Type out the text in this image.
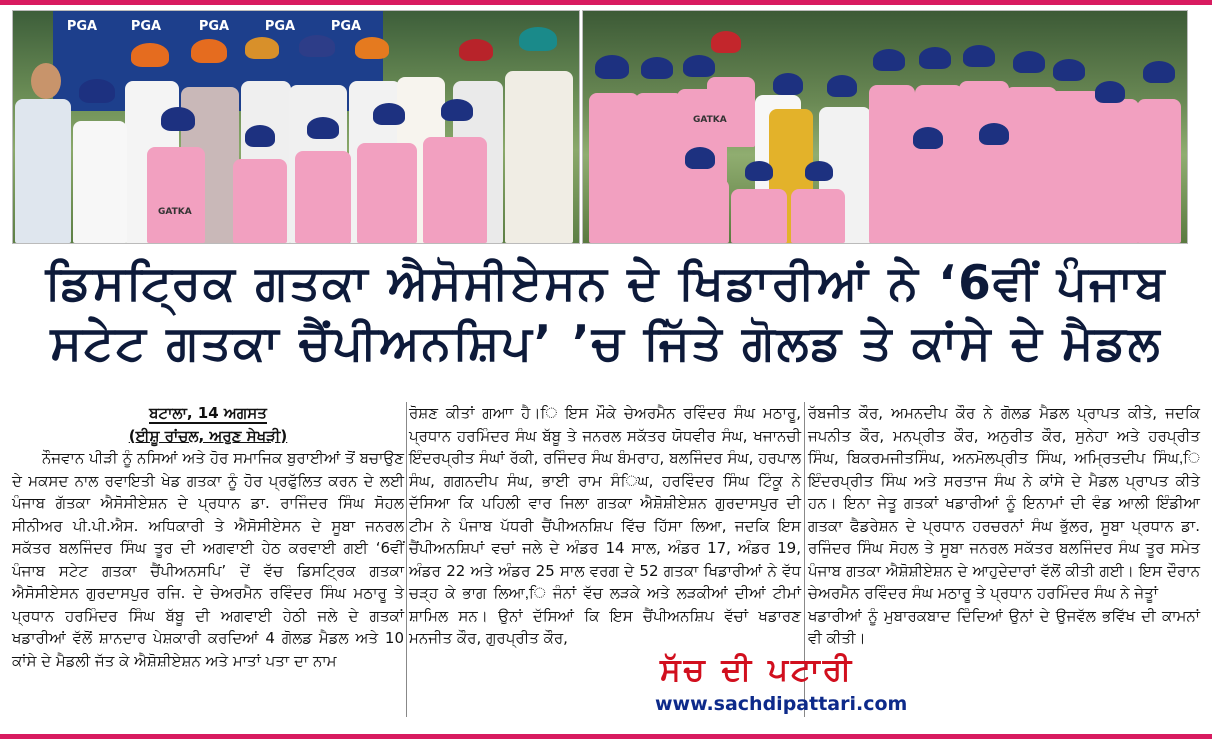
PGA	PGA	PGA	PGA	PGA
GATKA
GATKA
ਡਿਸਟ੍ਰਿਕ ਗਤਕਾ ਐਸੋਸੀਏਸਨ ਦੇ ਖਿਡਾਰੀਆਂ ਨੇ ‘6ਵੀਂ ਪੰਜਾਬ
ਸਟੇਟ ਗਤਕਾ ਚੈਂਪੀਅਨਸ਼ਿਪ’ ’ਚ ਜਿੱਤੇ ਗੋਲਡ ਤੇ ਕਾਂਸੇ ਦੇ ਮੈਡਲ
ਬਟਾਲਾ, 14 ਅਗਸਤ
(ਈਸ਼ੂ ਰਾਂਚਲ, ਅਰੁਣ ਸੇਖੜੀ)
ਨੌਜਵਾਨ ਪੀੜੀ ਨੂੰ ਨਸਿਆਂ ਅਤੇ ਹੋਰ ਸਮਾਜਿਕ ਬੁਰਾਈਆਂ ਤੋਂ ਬਚਾਉਣ ਦੇ ਮਕਸਦ ਨਾਲ ਰਵਾਇਤੀ ਖੇਡ ਗਤਕਾ ਨੂੰ ਹੋਰ ਪ੍ਰਫੁੱਲਿਤ ਕਰਨ ਦੇ ਲਈ ਪੰਜਾਬ ਗੱਤਕਾ ਐਸੋਸੀਏਸ਼ਨ ਦੇ ਪ੍ਰਧਾਨ ਡਾ. ਰਾਜਿੰਦਰ ਸਿੰਘ ਸੋਹਲ ਸੀਨੀਅਰ ਪੀ.ਪੀ.ਐਸ. ਅਧਿਕਾਰੀ ਤੇ ਐਸੋਸੀਏਸਨ ਦੇ ਸੂਬਾ ਜਨਰਲ ਸਕੱਤਰ ਬਲਜਿੰਦਰ ਸਿੰਘ ਤੂਰ ਦੀ ਅਗਵਾਈ ਹੇਠ ਕਰਵਾਈ ਗਈ ‘6ਵੀਂ ਪੰਜਾਬ ਸਟੇਟ ਗਤਕਾ ਚੈਂਪੀਅਨਸਪਿ’ ਦੇਂ ਵੱਚ ਡਿਸਟ੍ਰਿਕ ਗਤਕਾ ਐਸੋਸੀਏਸਨ ਗੁਰਦਾਸਪੁਰ ਰਜਿ. ਦੇ ਚੇਅਰਮੈਨ ਰਵਿੰਦਰ ਸਿੰਘ ਮਠਾਰੂ ਤੇ ਪ੍ਰਧਾਨ ਹਰਮਿੰਦਰ ਸਿੰਘ ਬੱਬੂ ਦੀ ਅਗਵਾਈ ਹੇਠੀ ਜਲੇ ਦੇ ਗਤਕਾਂ ਖਡਾਰੀਆਂ ਵੱਲੋਂ ਸ਼ਾਨਦਾਰ ਪੇਸ਼ਕਾਰੀ ਕਰਦਿਆਂ 4 ਗੋਲਡ ਮੈਡਲ ਅਤੇ 10 ਕਾਂਸੇ ਦੇ ਮੈਡਲੀ ਜੱਤ ਕੇ ਐਸ਼ੋਸ਼ੀਏਸ਼ਨ ਅਤੇ ਮਾਤਾਂ ਪਤਾ ਦਾ ਨਾਮ
ਰੋਸ਼ਣ ਕੀਤਾਂ ਗਆਾ ਹੈ।ਿ ਇਸ ਮੌਕੇ ਚੇਅਰਮੈਨ ਰਵਿੰਦਰ ਸੰਘ ਮਠਾਰੂ, ਪ੍ਰਧਾਨ ਹਰਮਿੰਦਰ ਸੰਘ ਬੱਬੂ ਤੇ ਜਨਰਲ ਸਕੱਤਰ ਯੋਧਵੀਰ ਸੰਘ, ਖਜਾਨਚੀ ਇੰਦਰਪ੍ਰੀਤ ਸੰਘਾਂ ਰੱਕੀ, ਰਜਿੰਦਰ ਸੰਘ ਬੰਮਰਾਹ, ਬਲਜਿੰਦਰ ਸੰਘ, ਹਰਪਾਲ ਸੰਘ, ਗਗਨਦੀਪ ਸੰਘ, ਭਾਈ ਰਾਮ ਸੰਿਘ, ਹਰਵਿੰਦਰ ਸਿੰਘ ਟਿੰਕੂ ਨੇ ਦੱਸਿਆ ਕਿ ਪਹਿਲੀ ਵਾਰ ਜਿਲਾ ਗਤਕਾ ਐਸ਼ੋਸ਼ੀਏਸ਼ਨ ਗੁਰਦਾਸਪੁਰ ਦੀ ਟੀਮ ਨੇ ਪੰਜਾਬ ਪੱਧਰੀ ਚੈਂਪੀਅਨਸ਼ਿਪ ਵਿੱਚ ਹਿੱਸਾ ਲਿਆ, ਜਦਕਿ ਇਸ ਚੈਂਪੀਅਨਸ਼ਿਪਾਂ ਵਚਾਂ ਜਲੇ ਦੇ ਅੰਡਰ 14 ਸਾਲ, ਅੰਡਰ 17, ਅੰਡਰ 19, ਅੰਡਰ 22 ਅਤੇ ਅੰਡਰ 25 ਸਾਲ ਵਰਗ ਦੇ 52 ਗਤਕਾ ਖਿਡਾਰੀਆਂ ਨੇ ਵੱਧ ਚੜ੍ਹ ਕੇ ਭਾਗ ਲਿਆ,ਿ ਜੰਨਾਂ ਵੱਚ ਲੜਕੇ ਅਤੇ ਲੜਕੀਆਂ ਦੀਆਂ ਟੀਮਾਂ ਸ਼ਾਮਿਲ ਸਨ। ਉਨਾਂ ਦੱਸਿਆਂ ਕਿ ਇਸ ਚੈਂਪੀਅਨਸ਼ਿਪ ਵੱਚਾਂ ਖਡਾਰਣ ਮਨਜੀਤ ਕੌਰ, ਗੁਰਪ੍ਰੀਤ ਕੌਰ,
ਰੱਬਜੀਤ ਕੌਰ, ਅਮਨਦੀਪ ਕੌਰ ਨੇ ਗੋਲਡ ਮੈਡਲ ਪ੍ਰਾਪਤ ਕੀਤੇ, ਜਦਕਿ ਜਪਨੀਤ ਕੌਰ, ਮਨਪ੍ਰੀਤ ਕੌਰ, ਅਨੁਰੀਤ ਕੌਰ, ਸੁਨੇਹਾ ਅਤੇ ਹਰਪ੍ਰੀਤ ਸਿੰਘ, ਬਿਕਰਮਜੀਤਸਿੰਘ, ਅਨਮੋਲਪ੍ਰੀਤ ਸਿੰਘ, ਅਮ੍ਰਿਤਦੀਪ ਸਿੰਘ,ਿ ਇੰਦਰਪ੍ਰੀਤ ਸਿੰਘ ਅਤੇ ਸਰਤਾਜ ਸੰਘ ਨੇ ਕਾਂਸੇ ਦੇ ਮੈਡਲ ਪ੍ਰਾਪਤ ਕੀਤੇ ਹਨ। ਇਨਾ ਜੇਤੂ ਗਤਕਾਂ ਖਡਾਰੀਆਂ ਨੂੰ ਇਨਾਮਾਂ ਦੀ ਵੰਡ ਆਲੀ ਇੰਡੀਆ ਗਤਕਾ ਫੈਡਰੇਸ਼ਨ ਦੇ ਪ੍ਰਧਾਨ ਹਰਚਰਨਾਂ ਸੰਘ ਭੁੱਲਰ, ਸੂਬਾ ਪ੍ਰਧਾਨ ਡਾ. ਰਜਿੰਦਰ ਸਿੰਘ ਸੋਹਲ ਤੇ ਸੂਬਾ ਜਨਰਲ ਸਕੱਤਰ ਬਲਜਿੰਦਰ ਸੰਘ ਤੂਰ ਸਮੇਤ ਪੰਜਾਬ ਗਤਕਾ ਐਸ਼ੋਸ਼ੀਏਸ਼ਨ ਦੇ ਆਹੁਦੇਦਾਰਾਂ ਵੱਲੋਂ ਕੀਤੀ ਗਈ। ਇਸ ਦੌਰਾਨ ਚੇਅਰਮੈਨ ਰਵਿੰਦਰ ਸੰਘ ਮਠਾਰੂ ਤੇ ਪ੍ਰਧਾਨ ਹਰਮਿੰਦਰ ਸੰਘ ਨੇ ਜੇਤੂਾਂ
ਖਡਾਰੀਆਂ ਨੂੰ ਮੁਬਾਰਕਬਾਦ ਦਿੰਦਿਆਂ ਉਨਾਂ ਦੇ ਉਜਵੱਲ ਭਵਿੱਖ ਦੀ ਕਾਮਨਾਂ ਵੀ ਕੀਤੀ।
ਸੱਚ ਦੀ ਪਟਾਰੀ
www.sachdipattari.com
